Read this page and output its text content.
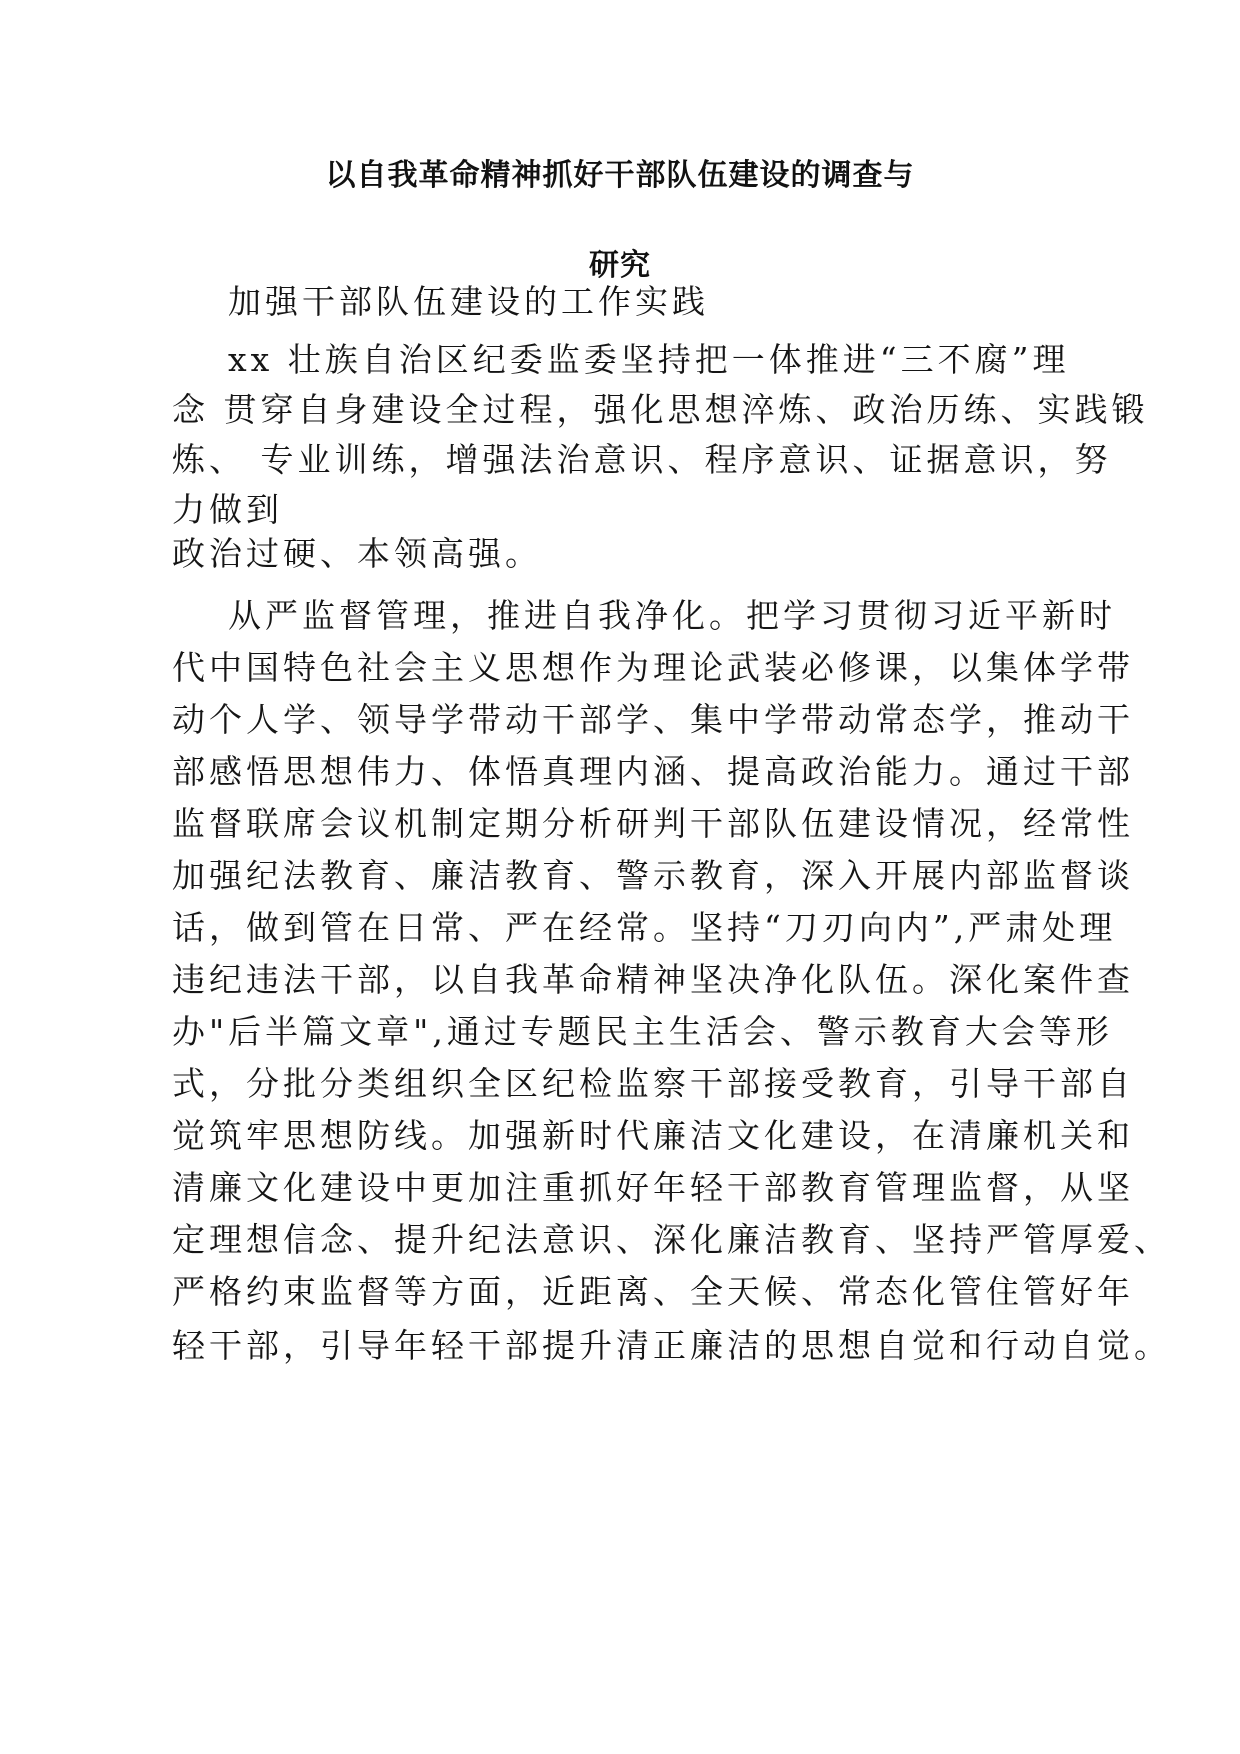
以自我革命精神抓好干部队伍建设的调查与
研究
加强干部队伍建设的工作实践
xx 壮族自治区纪委监委坚持把一体推进“三不腐”理
念 贯穿自身建设全过程，强化思想淬炼、政治历练、实践锻
炼、 专业训练，增强法治意识、程序意识、证据意识，努
力做到
政治过硬、本领高强。
从严监督管理，推进自我净化。把学习贯彻习近平新时
代中国特色社会主义思想作为理论武装必修课，以集体学带
动个人学、领导学带动干部学、集中学带动常态学，推动干
部感悟思想伟力、体悟真理内涵、提高政治能力。通过干部
监督联席会议机制定期分析研判干部队伍建设情况，经常性
加强纪法教育、廉洁教育、警示教育，深入开展内部监督谈
话，做到管在日常、严在经常。坚持“刀刃向内”,严肃处理
违纪违法干部，以自我革命精神坚决净化队伍。深化案件查
办"后半篇文章",通过专题民主生活会、警示教育大会等形
式，分批分类组织全区纪检监察干部接受教育，引导干部自
觉筑牢思想防线。加强新时代廉洁文化建设，在清廉机关和
清廉文化建设中更加注重抓好年轻干部教育管理监督，从坚
定理想信念、提升纪法意识、深化廉洁教育、坚持严管厚爱、
严格约束监督等方面，近距离、全天候、常态化管住管好年
轻干部，引导年轻干部提升清正廉洁的思想自觉和行动自觉。
